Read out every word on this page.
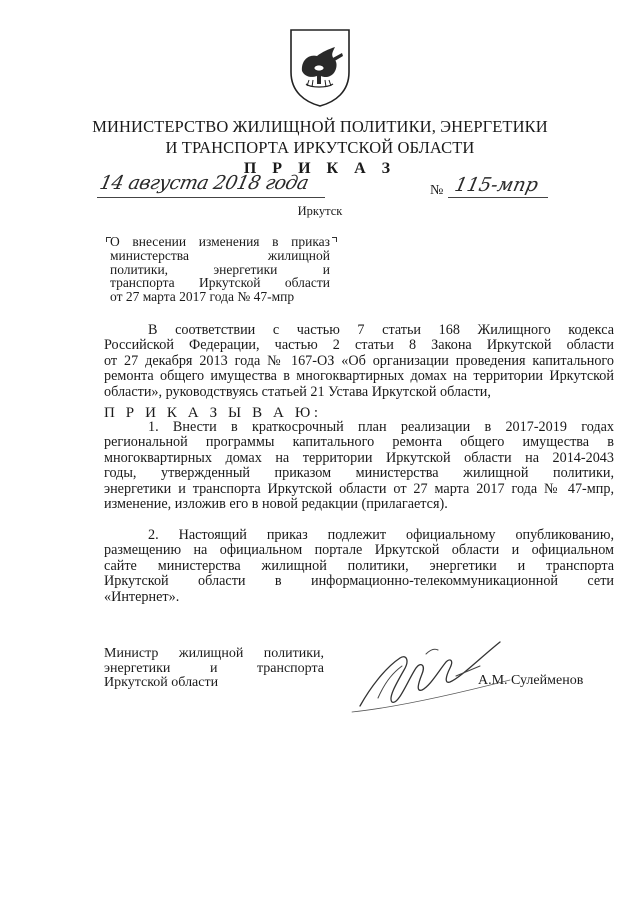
МИНИСТЕРСТВО ЖИЛИЩНОЙ ПОЛИТИКИ, ЭНЕРГЕТИКИ
И ТРАНСПОРТА ИРКУТСКОЙ ОБЛАСТИ
П Р И К А З
14 августа 2018 года	№ 115-мпр
Иркутск
О внесении изменения в приказ
министерства жилищной
политики, энергетики и
транспорта Иркутской области
от 27 марта 2017 года № 47-мпр
В соответствии с частью 7 статьи 168 Жилищного кодекса
Российской Федерации, частью 2 статьи 8 Закона Иркутской области
от 27 декабря 2013 года № 167-ОЗ «Об организации проведения капитального
ремонта общего имущества в многоквартирных домах на территории Иркутской
области», руководствуясь статьей 21 Устава Иркутской области,
П Р И К А З Ы В А Ю:
1. Внести в краткосрочный план реализации в 2017-2019 годах
региональной программы капитального ремонта общего имущества в
многоквартирных домах на территории Иркутской области на 2014-2043
годы, утвержденный приказом министерства жилищной политики,
энергетики и транспорта Иркутской области от 27 марта 2017 года № 47-мпр,
изменение, изложив его в новой редакции (прилагается).
2. Настоящий приказ подлежит официальному опубликованию,
размещению на официальном портале Иркутской области и официальном
сайте министерства жилищной политики, энергетики и транспорта
Иркутской области в информационно-телекоммуникационной сети
«Интернет».
Министр жилищной политики,
энергетики и транспорта
Иркутской области	А.М. Сулейменов
